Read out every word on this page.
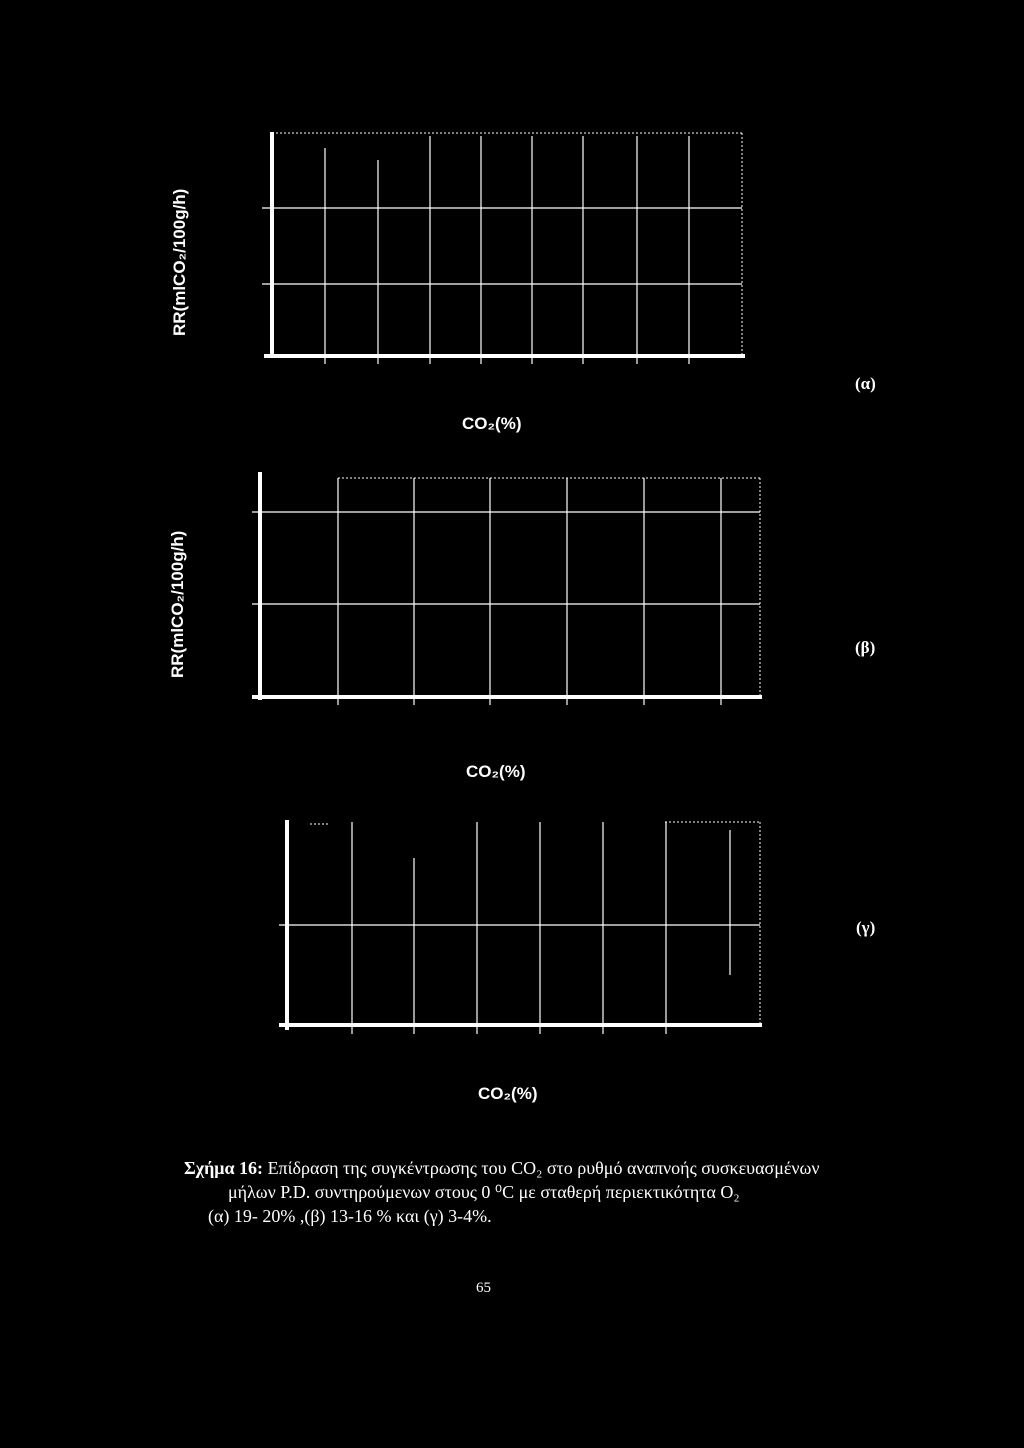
RR(mlCO₂/100g/h)
CO₂(%)
(α)
RR(mlCO₂/100g/h)
CO₂(%)
(β)
CO₂(%)
(γ)
Σχήμα 16: Επίδραση της συγκέντρωσης του CO₂ στο ρυθμό αναπνοής συσκευασμένων
μήλων P.D. συντηρούμενων στους 0 ⁰C με σταθερή περιεκτικότητα O₂
(α) 19- 20% ,(β) 13-16 % και (γ) 3-4%.
65
